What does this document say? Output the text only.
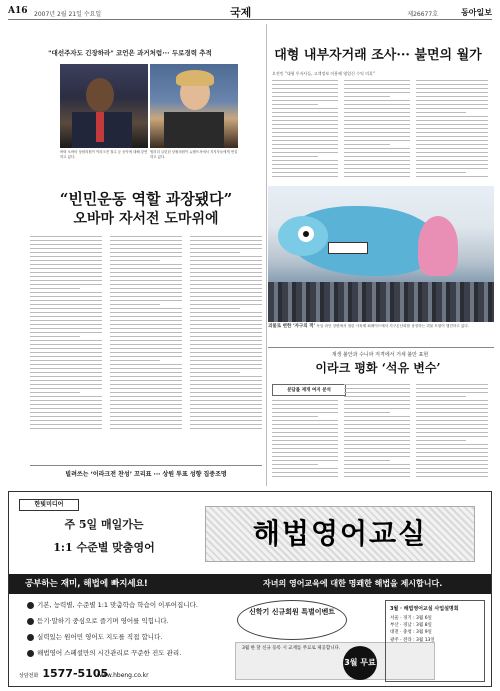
A16 2007년 2월 21일 수요일	국제	제26677호	동아일보
"대선주자도 긴장하라" 코언은 과거처럼··· 두로경력 추적
버락 오바마 상원의원이 이라크전 철수 등 공약에 대해 강연하고 있다.
힐러리 클린턴 상원의원이 뉴햄프셔에서 지지자들에게 연설하고 있다.
“빈민운동 역할 과장됐다”
오바마 자서전 도마위에
빌려쓰는 ‘이라크전 찬성’ 꼬리표 ··· 상원 투표 성향 집중조명
대형 내부자거래 조사··· 불면의 월가
오전인 "대형 투자사들, 고객정보 이용해 영업신 수익 의혹"
괴물로 변한 ‘자구의 적’ 독일 라인 강변에서 열린 사육제 퍼레이드에서 지구온난화를 상징하는 괴물 모형이 행진하고 있다.
재생 불안과 수니파 저격에서 거세 불만 표현
이라크 평화 ‘석유 변수’
분담률 재개 여지 분석
한빛미디어
주 5일 매일가는
1:1 수준별 맞춤영어	해법영어교실
공부하는 재미, 해법에 빠지세요!	자녀의 영어교육에 대한 명쾌한 해법을 제시합니다.
기본, 능력별, 수준별 1:1 맞춤학습 학습이 이루어집니다.
듣기·말하기 중심으로 즐기며 영어를 익힙니다.
실력있는 원어민 영어도 지도를 직접 합니다.
해법영어 스페셜만의 시간관리로 꾸준한 진도 관리.
신학기 신규회원 특별이벤트
3월 한 달 신규 등록 시 교재를 무료로 제공합니다.
3월 무료
3월 · 해법영어교실 사업설명회
서울 · 경기 : 3월 6일
부산 · 경남 : 3월 8일
대전 · 충청 : 3월 9일
광주 · 전라 : 3월 13일
상담전화 1577-5105
www.hbeng.co.kr
